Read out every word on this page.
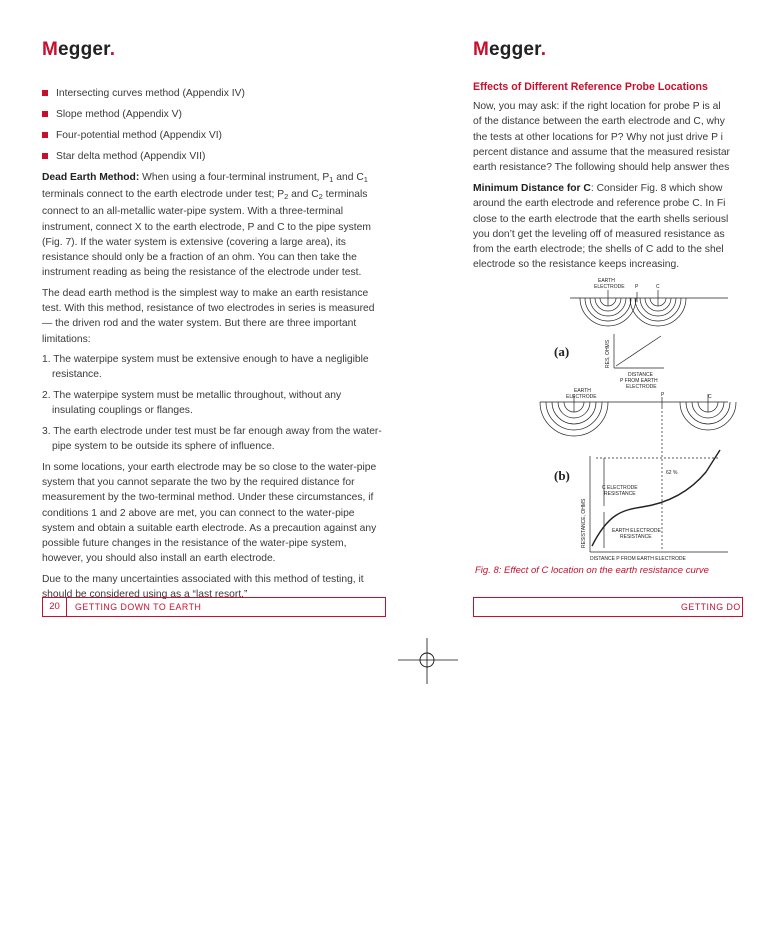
Megger.	Megger.
Intersecting curves method (Appendix IV)
Slope method (Appendix V)
Four-potential method (Appendix VI)
Star delta method (Appendix VII)

Dead Earth Method: When using a four-terminal instrument, $P_1$ and $C_1$ terminals connect to the earth electrode under test; $P_2$ and $C_2$ terminals connect to an all-metallic water-pipe system. With a three-terminal instrument, connect X to the earth electrode, P and C to the pipe system (Fig. 7). If the water system is extensive (covering a large area), its resistance should only be a fraction of an ohm. You can then take the instrument reading as being the resistance of the electrode under test.

The dead earth method is the simplest way to make an earth resistance test. With this method, resistance of two electrodes in series is measured — the driven rod and the water system. But there are three important limitations:

1. The waterpipe system must be extensive enough to have a negligible resistance.

2. The waterpipe system must be metallic throughout, without any insulating couplings or flanges.

3. The earth electrode under test must be far enough away from the water-pipe system to be outside its sphere of influence.

In some locations, your earth electrode may be so close to the water-pipe system that you cannot separate the two by the required distance for measurement by the two-terminal method. Under these circumstances, if conditions 1 and 2 above are met, you can connect to the water-pipe system and obtain a suitable earth electrode. As a precaution against any possible future changes in the resistance of the water-pipe system, however, you should also install an earth electrode.

Due to the many uncertainties associated with this method of testing, it should be considered using as a “last resort.”

20	GETTING DOWN TO EARTH
Effects of Different Reference Probe Locations
Now, you may ask: if the right location for probe P is al
of the distance between the earth electrode and C, why
the tests at other locations for P? Why not just drive P i
percent distance and assume that the measured resistar
earth resistance? The following should help answer thes
Minimum Distance for C: Consider Fig. 8 which show
around the earth electrode and reference probe C. In Fi
close to the earth electrode that the earth shells seriousl
you don’t get the leveling off of measured resistance as
from the earth electrode; the shells of C add to the shel
electrode so the resistance keeps increasing.
EARTH
ELECTRODE P	C
(a)	RES, OHMS
DISTANCE
P FROM EARTH
ELECTRODE
EARTH
ELECTRODE	P	C
(b)	62 %
C ELECTRODE
RESISTANCE
EARTH ELECTRODE
RESISTANCE
RESISTANCE, OHMS
DISTANCE P FROM EARTH ELECTRODE
Fig. 8: Effect of C location on the earth resistance curve
GETTING DO
